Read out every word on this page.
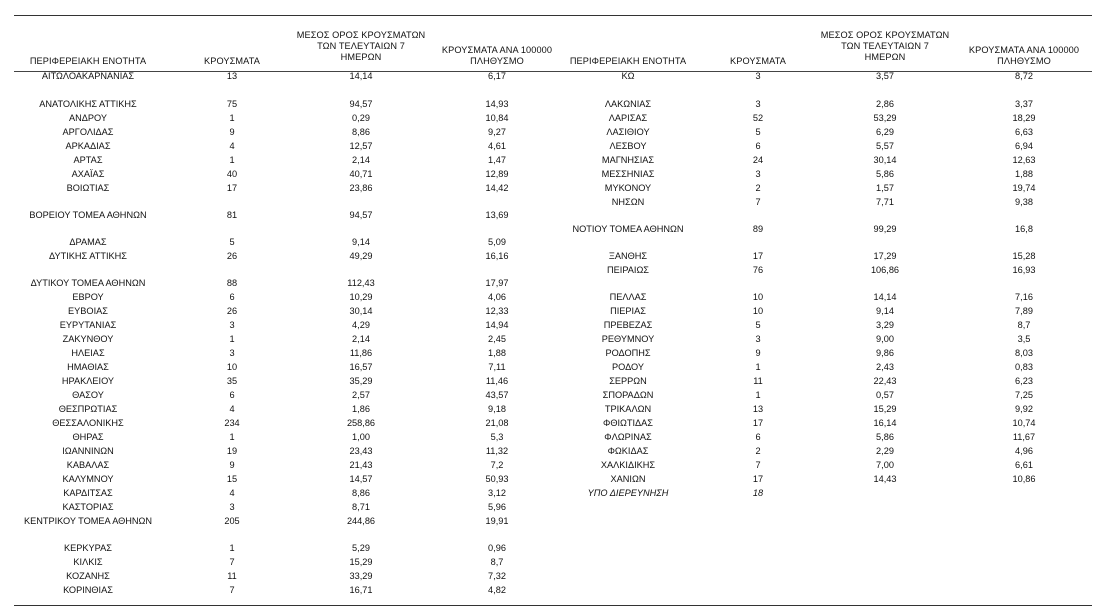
ΠΕΡΙΦΕΡΕΙΑΚΗ ΕΝΟΤΗΤΑ	ΚΡΟΥΣΜΑΤΑ
ΜΕΣΟΣ ΟΡΟΣ ΚΡΟΥΣΜΑΤΩΝ
ΤΩΝ ΤΕΛΕΥΤΑΙΩΝ 7
ΗΜΕΡΩΝ
ΚΡΟΥΣΜΑΤΑ ΑΝΑ 100000
ΠΛΗΘΥΣΜΟ
ΑΙΤΩΛΟΑΚΑΡΝΑΝΙΑΣ	13	14,14	6,17
ΑΝΑΤΟΛΙΚΗΣ ΑΤΤΙΚΗΣ	75	94,57	14,93
ΑΝΔΡΟΥ	1	0,29	10,84
ΑΡΓΟΛΙΔΑΣ	9	8,86	9,27
ΑΡΚΑΔΙΑΣ	4	12,57	4,61
ΑΡΤΑΣ	1	2,14	1,47
ΑΧΑΪΑΣ	40	40,71	12,89
ΒΟΙΩΤΙΑΣ	17	23,86	14,42
ΒΟΡΕΙΟΥ ΤΟΜΕΑ ΑΘΗΝΩΝ	81	94,57	13,69
ΔΡΑΜΑΣ	5	9,14	5,09
ΔΥΤΙΚΗΣ ΑΤΤΙΚΗΣ	26	49,29	16,16
ΔΥΤΙΚΟΥ ΤΟΜΕΑ ΑΘΗΝΩΝ	88	112,43	17,97
ΕΒΡΟΥ	6	10,29	4,06
ΕΥΒΟΙΑΣ	26	30,14	12,33
ΕΥΡΥΤΑΝΙΑΣ	3	4,29	14,94
ΖΑΚΥΝΘΟΥ	1	2,14	2,45
ΗΛΕΙΑΣ	3	11,86	1,88
ΗΜΑΘΙΑΣ	10	16,57	7,11
ΗΡΑΚΛΕΙΟΥ	35	35,29	11,46
ΘΑΣΟΥ	6	2,57	43,57
ΘΕΣΠΡΩΤΙΑΣ	4	1,86	9,18
ΘΕΣΣΑΛΟΝΙΚΗΣ	234	258,86	21,08
ΘΗΡΑΣ	1	1,00	5,3
ΙΩΑΝΝΙΝΩΝ	19	23,43	11,32
ΚΑΒΑΛΑΣ	9	21,43	7,2
ΚΑΛΥΜΝΟΥ	15	14,57	50,93
ΚΑΡΔΙΤΣΑΣ	4	8,86	3,12
ΚΑΣΤΟΡΙΑΣ	3	8,71	5,96
ΚΕΝΤΡΙΚΟΥ ΤΟΜΕΑ ΑΘΗΝΩΝ	205	244,86	19,91
ΚΕΡΚΥΡΑΣ	1	5,29	0,96
ΚΙΛΚΙΣ	7	15,29	8,7
ΚΟΖΑΝΗΣ	11	33,29	7,32
ΚΟΡΙΝΘΙΑΣ	7	16,71	4,82
ΠΕΡΙΦΕΡΕΙΑΚΗ ΕΝΟΤΗΤΑ	ΚΡΟΥΣΜΑΤΑ
ΜΕΣΟΣ ΟΡΟΣ ΚΡΟΥΣΜΑΤΩΝ
ΤΩΝ ΤΕΛΕΥΤΑΙΩΝ 7
ΗΜΕΡΩΝ
ΚΡΟΥΣΜΑΤΑ ΑΝΑ 100000
ΠΛΗΘΥΣΜΟ
ΚΩ	3	3,57	8,72
ΛΑΚΩΝΙΑΣ	3	2,86	3,37
ΛΑΡΙΣΑΣ	52	53,29	18,29
ΛΑΣΙΘΙΟΥ	5	6,29	6,63
ΛΕΣΒΟΥ	6	5,57	6,94
ΜΑΓΝΗΣΙΑΣ	24	30,14	12,63
ΜΕΣΣΗΝΙΑΣ	3	5,86	1,88
ΜΥΚΟΝΟΥ	2	1,57	19,74
ΝΗΣΩΝ	7	7,71	9,38
ΝΟΤΙΟΥ ΤΟΜΕΑ ΑΘΗΝΩΝ	89	99,29	16,8
ΞΑΝΘΗΣ	17	17,29	15,28
ΠΕΙΡΑΙΩΣ	76	106,86	16,93
ΠΕΛΛΑΣ	10	14,14	7,16
ΠΙΕΡΙΑΣ	10	9,14	7,89
ΠΡΕΒΕΖΑΣ	5	3,29	8,7
ΡΕΘΥΜΝΟΥ	3	9,00	3,5
ΡΟΔΟΠΗΣ	9	9,86	8,03
ΡΟΔΟΥ	1	2,43	0,83
ΣΕΡΡΩΝ	11	22,43	6,23
ΣΠΟΡΑΔΩΝ	1	0,57	7,25
ΤΡΙΚΑΛΩΝ	13	15,29	9,92
ΦΘΙΩΤΙΔΑΣ	17	16,14	10,74
ΦΛΩΡΙΝΑΣ	6	5,86	11,67
ΦΩΚΙΔΑΣ	2	2,29	4,96
ΧΑΛΚΙΔΙΚΗΣ	7	7,00	6,61
ΧΑΝΙΩΝ	17	14,43	10,86
ΥΠΟ ΔΙΕΡΕΥΝΗΣΗ	18
